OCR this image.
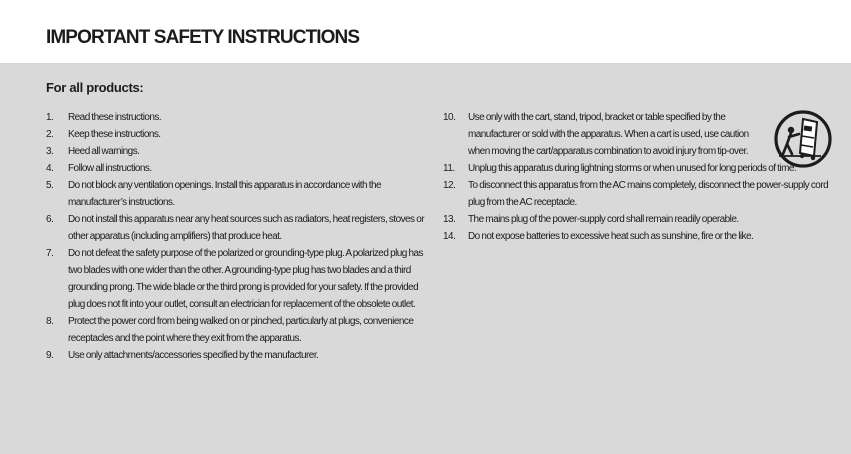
IMPORTANT SAFETY INSTRUCTIONS
For all products:
1. Read these instructions.
2. Keep these instructions.
3. Heed all warnings.
4. Follow all instructions.
5. Do not block any ventilation openings. Install this apparatus in accordance with the manufacturer’s instructions.
6. Do not install this apparatus near any heat sources such as radiators, heat registers, stoves or other apparatus (including amplifiers) that produce heat.
7. Do not defeat the safety purpose of the polarized or grounding-type plug. A polarized plug has two blades with one wider than the other. A grounding-type plug has two blades and a third grounding prong. The wide blade or the third prong is provided for your safety. If the provided plug does not fit into your outlet, consult an electrician for replacement of the obsolete outlet.
8. Protect the power cord from being walked on or pinched, particularly at plugs, convenience receptacles and the point where they exit from the apparatus.
9. Use only attachments/accessories specified by the manufacturer.
10. Use only with the cart, stand, tripod, bracket or table specified by the manufacturer or sold with the apparatus. When a cart is used, use caution when moving the cart/apparatus combination to avoid injury from tip-over.
11. Unplug this apparatus during lightning storms or when unused for long periods of time.
12. To disconnect this apparatus from the AC mains completely, disconnect the power-supply cord plug from the AC receptacle.
13. The mains plug of the power-supply cord shall remain readily operable.
14. Do not expose batteries to excessive heat such as sunshine, fire or the like.
